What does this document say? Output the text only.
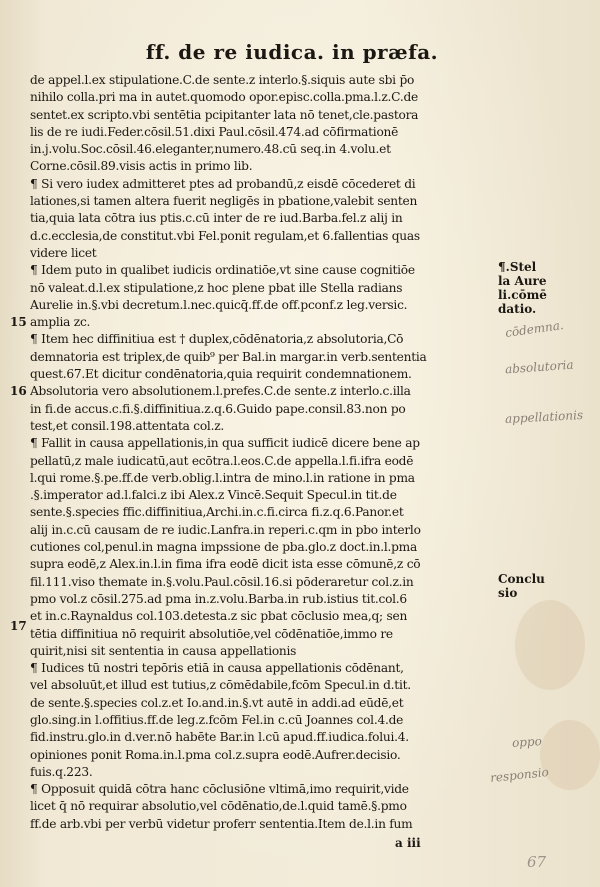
ff. de re iudica. in præfa.
15
16
17
de appel.l.ex stipulatione.C.de sente.z interlo.§.siquis aute sbi p̄o
nihilo colla.pri ma in autet.quomodo opor.episc.colla.pma.l.z.C.de
sentet.ex scripto.vbi sentētia pcipitanter lata nō tenet,cle.pastora
lis de re iudi.Feder.cōsil.51.dixi Paul.cōsil.474.ad cōfirmationē
in.j.volu.Soc.cōsil.46.eleganter,numero.48.cū seq.in 4.volu.et
Corne.cōsil.89.visis actis in primo lib.
¶ Si vero iudex admitteret ptes ad probandū,z eisdē cōcederet di
lationes,si tamen altera fuerit negligēs in pbatione,valebit senten
tia,quia lata cōtra ius ptis.c.cū inter de re iud.Barba.fel.z alij in
d.c.ecclesia,de constitut.vbi Fel.ponit regulam,et 6.fallentias quas
videre licet
¶ Idem puto in qualibet iudicis ordinatiōe,vt sine cause cognitiōe
nō valeat.d.l.ex stipulatione,z hoc plene pbat ille Stella radians
Aurelie in.§.vbi decretum.l.nec.quicq̄.ff.de off.pconf.z leg.versic.
amplia zc.
¶ Item hec diffinitiua est † duplex,cōdēnatoria,z absolutoria,Cō
demnatoria est triplex,de quib⁹ per Bal.in margar.in verb.sententia
quest.67.Et dicitur condēnatoria,quia requirit condemnationem.
Absolutoria vero absolutionem.l.prefes.C.de sente.z interlo.c.illa
in fi.de accus.c.fi.§.diffinitiua.z.q.6.Guido pape.consil.83.non po
test,et consil.198.attentata col.z.
¶ Fallit in causa appellationis,in qua sufficit iudicē dicere bene ap
pellatū,z male iudicatū,aut ecōtra.l.eos.C.de appella.l.fi.ifra eodē
l.qui rome.§.pe.ff.de verb.oblig.l.intra de mino.l.in ratione in pma
.§.imperator ad.l.falci.z ibi Alex.z Vincē.Sequit Specul.in tit.de
sente.§.species ffic.diffinitiua,Archi.in.c.fi.circa fi.z.q.6.Panor.et
alij in.c.cū causam de re iudic.Lanfra.in reperi.c.qm in pbo interlo
cutiones col,penul.in magna impssione de pba.glo.z doct.in.l.pma
supra eodē,z Alex.in.l.in fima ifra eodē dicit ista esse cōmunē,z cō
fil.111.viso themate in.§.volu.Paul.cōsil.16.si pōderaretur col.z.in
pmo vol.z cōsil.275.ad pma in.z.volu.Barba.in rub.istius tit.col.6
et in.c.Raynaldus col.103.detesta.z sic pbat cōclusio mea,q; sen
tētia diffinitiua nō requirit absolutiōe,vel cōdēnatiōe,immo re
quirit,nisi sit sententia in causa appellationis
¶ Iudices tū nostri tepōris etiā in causa appellationis cōdēnant,
vel absoluūt,et illud est tutius,z cōmēdabile,fcōm Specul.in d.tit.
de sente.§.species col.z.et Io.and.in.§.vt autē in addi.ad eūdē,et
glo.sing.in l.offitius.ff.de leg.z.fcōm Fel.in c.cū Joannes col.4.de
fid.instru.glo.in d.ver.nō habēte Bar.in l.cū apud.ff.iudica.folui.4.
opiniones ponit Roma.in.l.pma col.z.supra eodē.Aufrer.decisio.
fuis.q.223.
¶ Opposuit quidā cōtra hanc cōclusiōne vltimā,imo requirit,vide
licet q̄ nō requirar absolutio,vel cōdēnatio,de.l.quid tamē.§.pmo
ff.de arb.vbi per verbū videtur proferr sententia.Item de.l.in fum
¶.Stel
la Aure
li.cōmē
datio.
Conclu
sio
cōdemna.
absolutoria
appellationis
oppo
responsio
a iii
67
